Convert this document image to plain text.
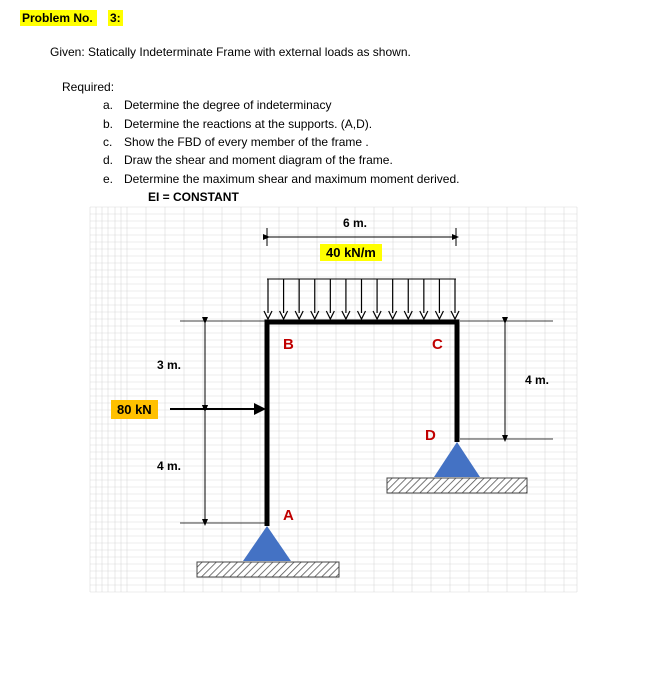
Problem No.	3:
Given: Statically Indeterminate Frame with external loads as shown.
Required:
a. Determine the degree of indeterminacy
b. Determine the reactions at the supports. (A,D).
c. Show the FBD of every member of the frame .
d. Draw the shear and moment diagram of the frame.
e. Determine the maximum shear and maximum moment derived.
EI = CONSTANT
6 m.
40 kN/m
80 kN
3 m.
4 m.
4 m.
B	C
D
A
